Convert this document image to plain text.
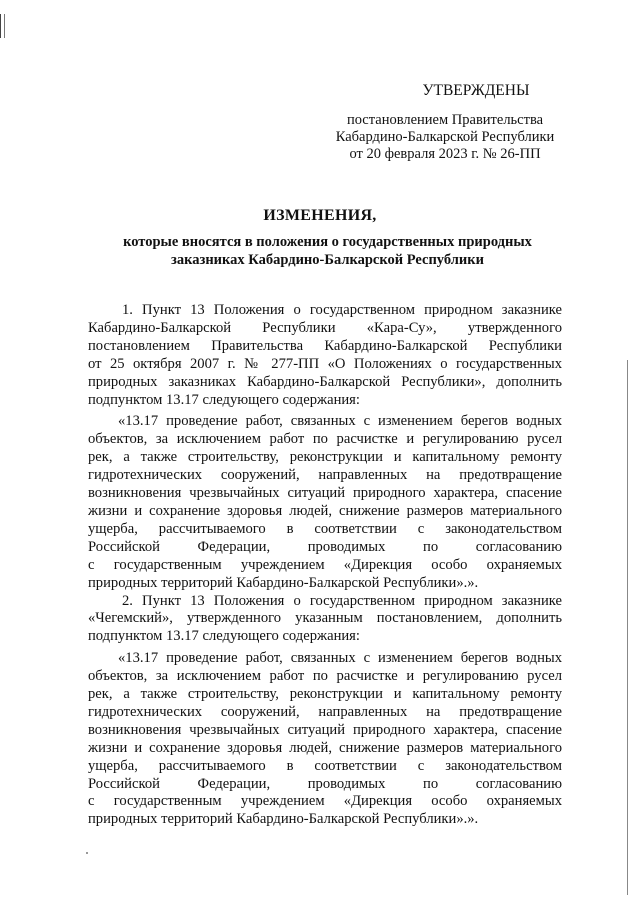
УТВЕРЖДЕНЫ
постановлением Правительства
Кабардино-Балкарской Республики
от 20 февраля 2023 г. № 26-ПП
ИЗМЕНЕНИЯ,
которые вносятся в положения о государственных природных
заказниках Кабардино-Балкарской Республики
1. Пункт 13 Положения о государственном природном заказнике
Кабардино-Балкарской Республики «Кара-Су», утвержденного
постановлением Правительства Кабардино-Балкарской Республики
от 25 октября 2007 г. № 277-ПП «О Положениях о государственных
природных заказниках Кабардино-Балкарской Республики», дополнить
подпунктом 13.17 следующего содержания:
«13.17 проведение работ, связанных с изменением берегов водных
объектов, за исключением работ по расчистке и регулированию русел
рек, а также строительству, реконструкции и капитальному ремонту
гидротехнических сооружений, направленных на предотвращение
возникновения чрезвычайных ситуаций природного характера, спасение
жизни и сохранение здоровья людей, снижение размеров материального
ущерба, рассчитываемого в соответствии с законодательством
Российской Федерации, проводимых по согласованию
с государственным учреждением «Дирекция особо охраняемых
природных территорий Кабардино-Балкарской Республики».».
2. Пункт 13 Положения о государственном природном заказнике
«Чегемский», утвержденного указанным постановлением, дополнить
подпунктом 13.17 следующего содержания:
«13.17 проведение работ, связанных с изменением берегов водных
объектов, за исключением работ по расчистке и регулированию русел
рек, а также строительству, реконструкции и капитальному ремонту
гидротехнических сооружений, направленных на предотвращение
возникновения чрезвычайных ситуаций природного характера, спасение
жизни и сохранение здоровья людей, снижение размеров материального
ущерба, рассчитываемого в соответствии с законодательством
Российской Федерации, проводимых по согласованию
с государственным учреждением «Дирекция особо охраняемых
природных территорий Кабардино-Балкарской Республики».».
